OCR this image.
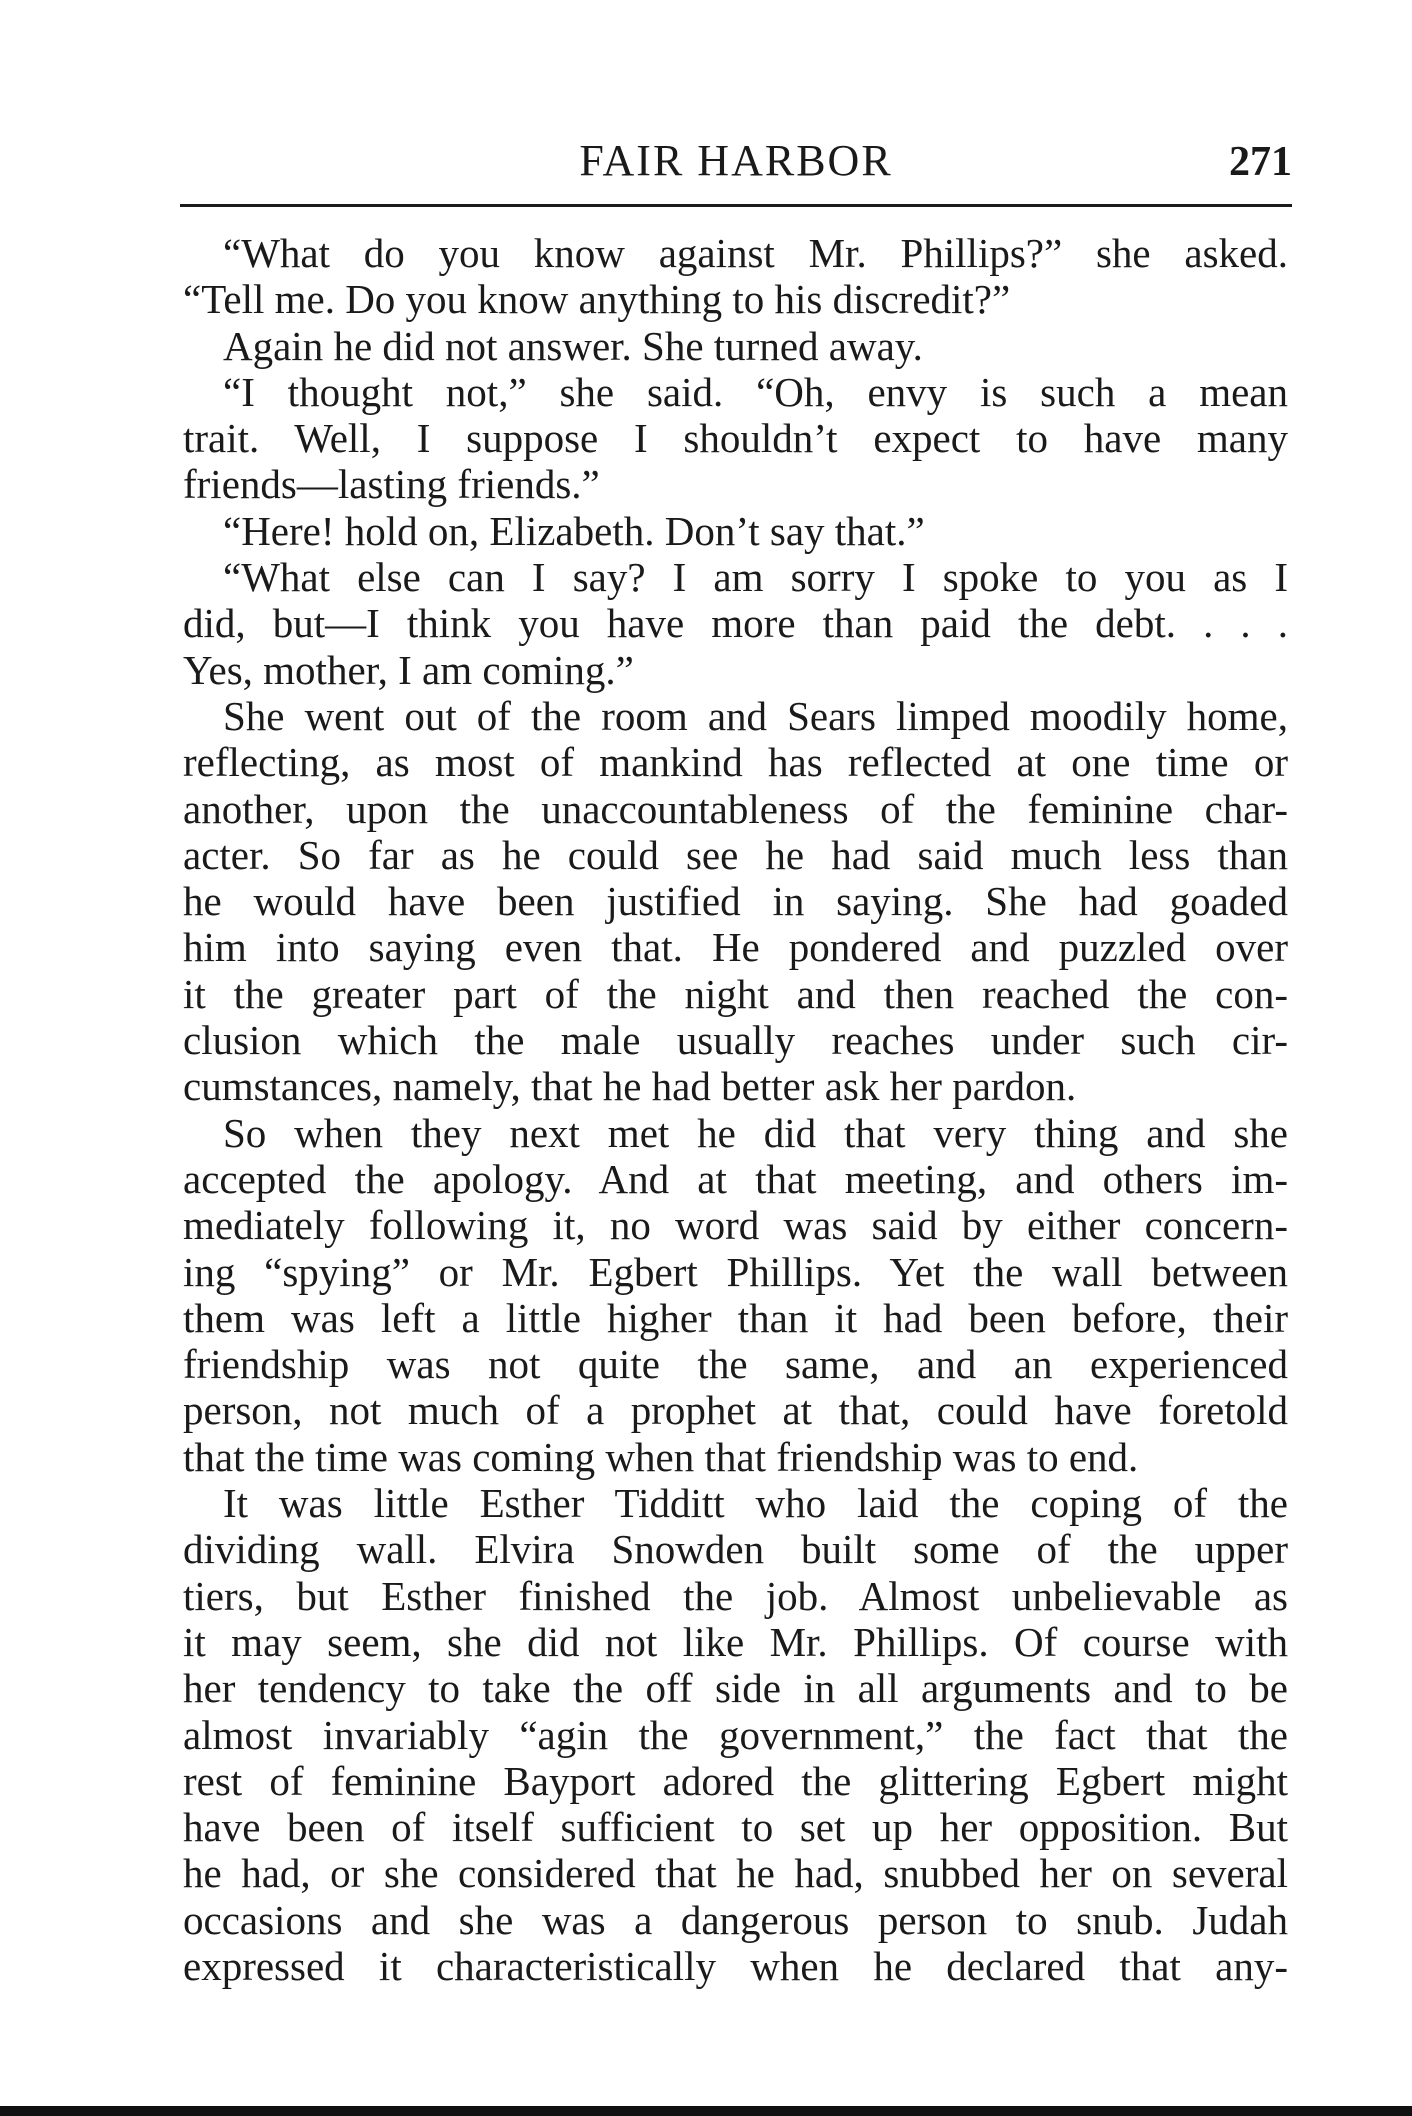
FAIR HARBOR	271
“What do you know against Mr. Phillips?” she asked.
“Tell me. Do you know anything to his discredit?”
Again he did not answer. She turned away.
“I thought not,” she said. “Oh, envy is such a mean
trait. Well, I suppose I shouldn’t expect to have many
friends—lasting friends.”
“Here! hold on, Elizabeth. Don’t say that.”
“What else can I say? I am sorry I spoke to you as I
did, but—I think you have more than paid the debt. . . .
Yes, mother, I am coming.”
She went out of the room and Sears limped moodily home,
reflecting, as most of mankind has reflected at one time or
another, upon the unaccountableness of the feminine char-
acter. So far as he could see he had said much less than
he would have been justified in saying. She had goaded
him into saying even that. He pondered and puzzled over
it the greater part of the night and then reached the con-
clusion which the male usually reaches under such cir-
cumstances, namely, that he had better ask her pardon.
So when they next met he did that very thing and she
accepted the apology. And at that meeting, and others im-
mediately following it, no word was said by either concern-
ing “spying” or Mr. Egbert Phillips. Yet the wall between
them was left a little higher than it had been before, their
friendship was not quite the same, and an experienced
person, not much of a prophet at that, could have foretold
that the time was coming when that friendship was to end.
It was little Esther Tidditt who laid the coping of the
dividing wall. Elvira Snowden built some of the upper
tiers, but Esther finished the job. Almost unbelievable as
it may seem, she did not like Mr. Phillips. Of course with
her tendency to take the off side in all arguments and to be
almost invariably “agin the government,” the fact that the
rest of feminine Bayport adored the glittering Egbert might
have been of itself sufficient to set up her opposition. But
he had, or she considered that he had, snubbed her on several
occasions and she was a dangerous person to snub. Judah
expressed it characteristically when he declared that any-
